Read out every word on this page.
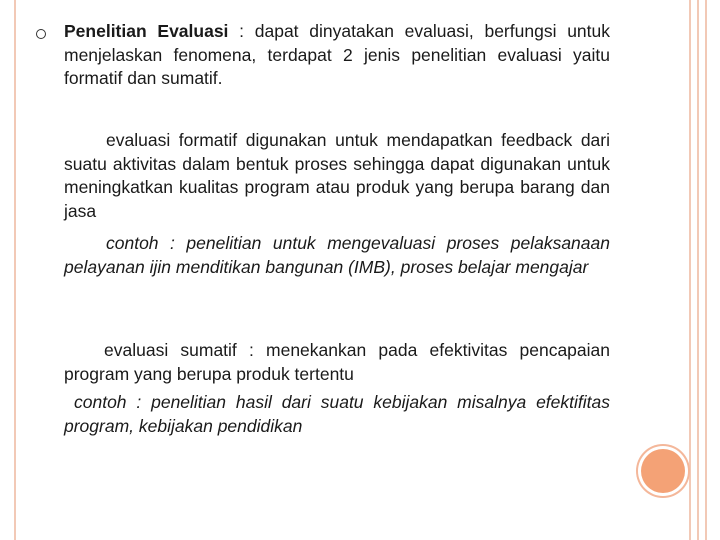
Penelitian Evaluasi : dapat dinyatakan evaluasi, berfungsi untuk menjelaskan fenomena, terdapat 2 jenis penelitian evaluasi yaitu formatif dan sumatif.
evaluasi formatif digunakan untuk mendapatkan feedback dari suatu aktivitas dalam bentuk proses sehingga dapat digunakan untuk meningkatkan kualitas program atau produk yang berupa barang dan jasa
contoh : penelitian untuk mengevaluasi proses pelaksanaan pelayanan ijin menditikan bangunan (IMB), proses belajar mengajar
evaluasi sumatif : menekankan pada efektivitas pencapaian program yang berupa produk tertentu
contoh : penelitian hasil dari suatu kebijakan misalnya efektifitas program, kebijakan pendidikan
